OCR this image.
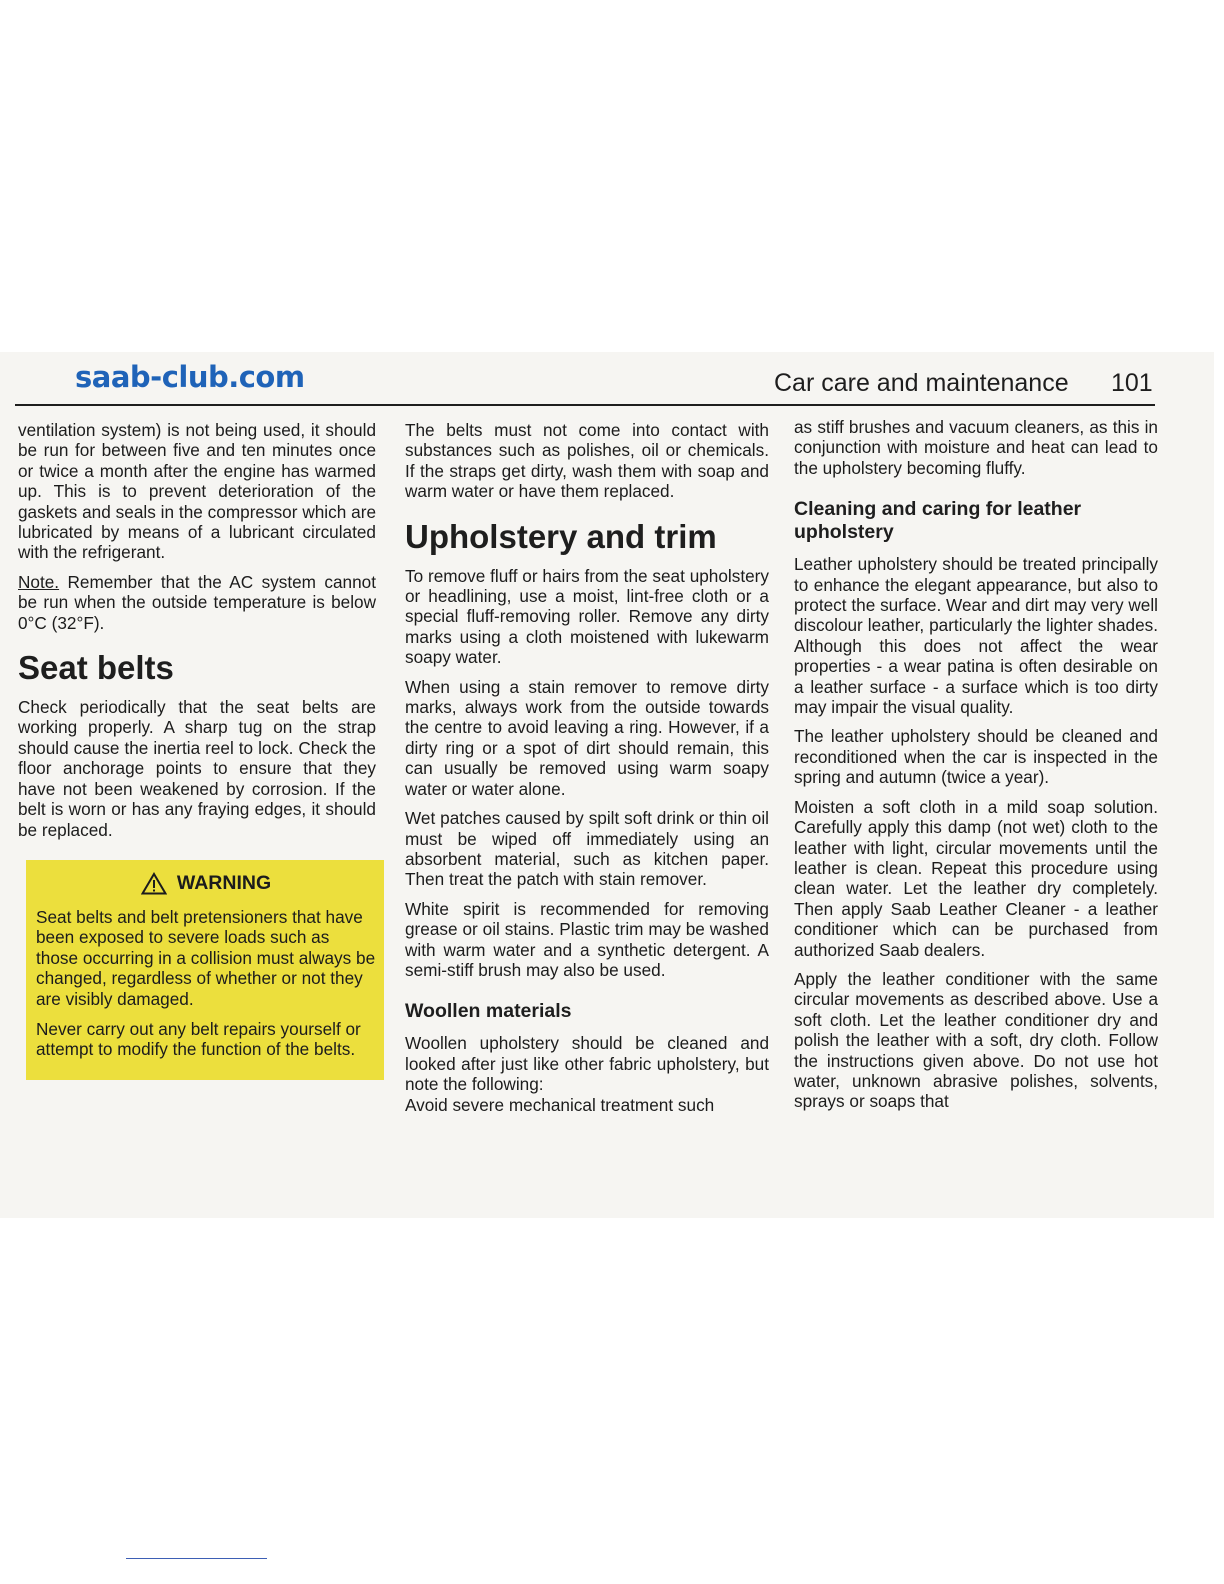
saab-club.com	Car care and maintenance 101

ventilation system) is not being used, it should be run for between five and ten minutes once or twice a month after the engine has warmed up. This is to prevent deterioration of the gaskets and seals in the compressor which are lubricated by means of a lubricant circulated with the refrigerant.

Note. Remember that the AC system cannot be run when the outside temperature is below 0°C (32°F).

Seat belts

Check periodically that the seat belts are working properly. A sharp tug on the strap should cause the inertia reel to lock. Check the floor anchorage points to ensure that they have not been weakened by corrosion. If the belt is worn or has any fraying edges, it should be replaced.

WARNING

Seat belts and belt pretensioners that have been exposed to severe loads such as those occurring in a collision must always be changed, regardless of whether or not they are visibly damaged.

Never carry out any belt repairs yourself or attempt to modify the function of the belts.

The belts must not come into contact with substances such as polishes, oil or chemicals. If the straps get dirty, wash them with soap and warm water or have them replaced.

Upholstery and trim

To remove fluff or hairs from the seat upholstery or headlining, use a moist, lint-free cloth or a special fluff-removing roller. Remove any dirty marks using a cloth moistened with lukewarm soapy water.

When using a stain remover to remove dirty marks, always work from the outside towards the centre to avoid leaving a ring. However, if a dirty ring or a spot of dirt should remain, this can usually be removed using warm soapy water or water alone.

Wet patches caused by spilt soft drink or thin oil must be wiped off immediately using an absorbent material, such as kitchen paper. Then treat the patch with stain remover.

White spirit is recommended for removing grease or oil stains. Plastic trim may be washed with warm water and a synthetic detergent. A semi-stiff brush may also be used.

Woollen materials

Woollen upholstery should be cleaned and looked after just like other fabric upholstery, but note the following:

Avoid severe mechanical treatment such

as stiff brushes and vacuum cleaners, as this in conjunction with moisture and heat can lead to the upholstery becoming fluffy.

Cleaning and caring for leather upholstery

Leather upholstery should be treated principally to enhance the elegant appearance, but also to protect the surface. Wear and dirt may very well discolour leather, particularly the lighter shades. Although this does not affect the wear properties - a wear patina is often desirable on a leather surface - a surface which is too dirty may impair the visual quality.

The leather upholstery should be cleaned and reconditioned when the car is inspected in the spring and autumn (twice a year).

Moisten a soft cloth in a mild soap solution. Carefully apply this damp (not wet) cloth to the leather with light, circular movements until the leather is clean. Repeat this procedure using clean water. Let the leather dry completely. Then apply Saab Leather Cleaner - a leather conditioner which can be purchased from authorized Saab dealers.

Apply the leather conditioner with the same circular movements as described above. Use a soft cloth. Let the leather conditioner dry and polish the leather with a soft, dry cloth. Follow the instructions given above. Do not use hot water, unknown abrasive polishes, solvents, sprays or soaps that
